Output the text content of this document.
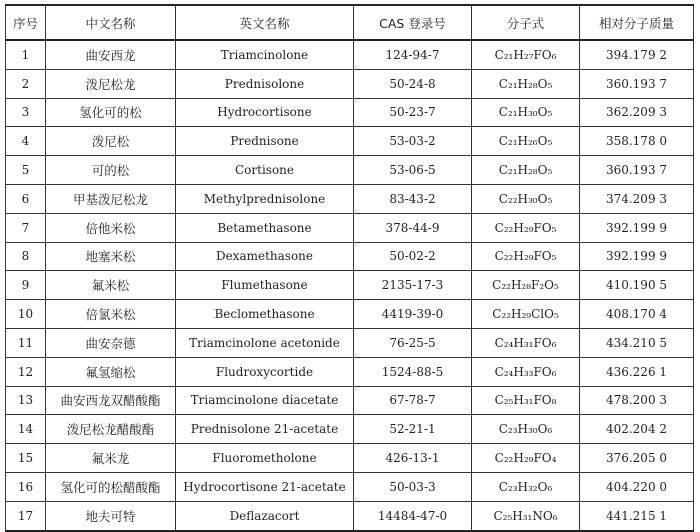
序号	中文名称	英文名称	CAS 登录号	分子式	相对分子质量
1	曲安西龙	Triamcinolone	124-94-7	C₂₁H₂₇FO₆	394.179 2
2	泼尼松龙	Prednisolone	50-24-8	C₂₁H₂₈O₅	360.193 7
3	氢化可的松	Hydrocortisone	50-23-7	C₂₁H₃₀O₅	362.209 3
4	泼尼松	Prednisone	53-03-2	C₂₁H₂₆O₅	358.178 0
5	可的松	Cortisone	53-06-5	C₂₁H₂₈O₅	360.193 7
6	甲基泼尼松龙	Methylprednisolone	83-43-2	C₂₂H₃₀O₅	374.209 3
7	倍他米松	Betamethasone	378-44-9	C₂₂H₂₉FO₅	392.199 9
8	地塞米松	Dexamethasone	50-02-2	C₂₂H₂₉FO₅	392.199 9
9	氟米松	Flumethasone	2135-17-3	C₂₂H₂₈F₂O₅	410.190 5
10	倍氯米松	Beclomethasone	4419-39-0	C₂₂H₂₉ClO₅	408.170 4
11	曲安奈德	Triamcinolone acetonide	76-25-5	C₂₄H₃₁FO₆	434.210 5
12	氟氢缩松	Fludroxycortide	1524-88-5	C₂₄H₃₃FO₆	436.226 1
13	曲安西龙双醋酸酯	Triamcinolone diacetate	67-78-7	C₂₅H₃₁FO₈	478.200 3
14	泼尼松龙醋酸酯	Prednisolone 21-acetate	52-21-1	C₂₃H₃₀O₆	402.204 2
15	氟米龙	Fluorometholone	426-13-1	C₂₂H₂₉FO₄	376.205 0
16	氢化可的松醋酸酯	Hydrocortisone 21-acetate	50-03-3	C₂₃H₃₂O₆	404.220 0
17	地夫可特	Deflazacort	14484-47-0	C₂₅H₃₁NO₆	441.215 1
